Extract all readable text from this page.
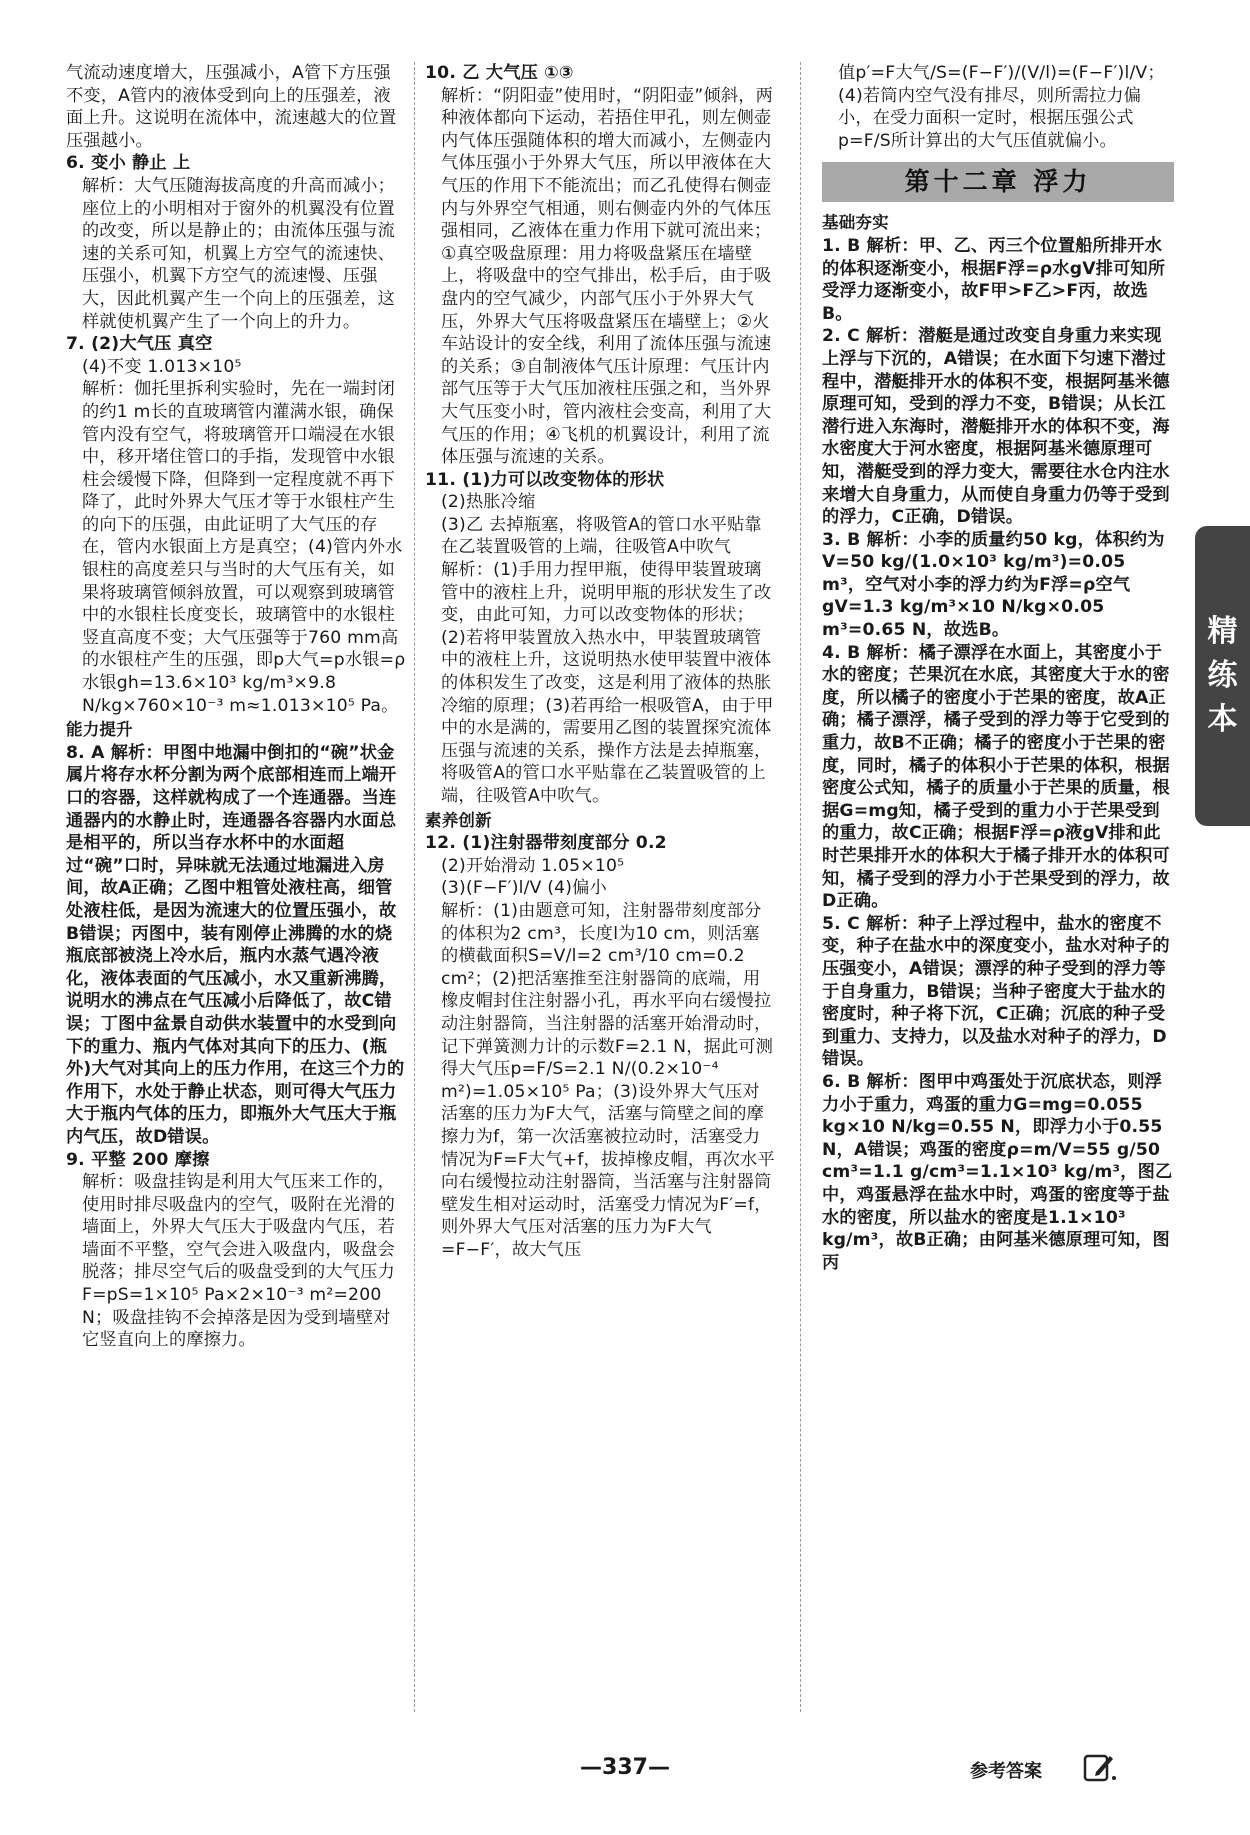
气流动速度增大，压强减小，A管下方压强不变，A管内的液体受到向上的压强差，液面上升。这说明在流体中，流速越大的位置压强越小。

6. 变小 静止 上

解析：大气压随海拔高度的升高而减小；座位上的小明相对于窗外的机翼没有位置的改变，所以是静止的；由流体压强与流速的关系可知，机翼上方空气的流速快、压强小，机翼下方空气的流速慢、压强大，因此机翼产生一个向上的压强差，这样就使机翼产生了一个向上的升力。

7. (2)大气压 真空

(4)不变 1.013×10⁵

解析：伽托里拆利实验时，先在一端封闭的约1 m长的直玻璃管内灌满水银，确保管内没有空气，将玻璃管开口端浸在水银中，移开堵住管口的手指，发现管中水银柱会缓慢下降，但降到一定程度就不再下降了，此时外界大气压才等于水银柱产生的向下的压强，由此证明了大气压的存在，管内水银面上方是真空；(4)管内外水银柱的高度差只与当时的大气压有关，如果将玻璃管倾斜放置，可以观察到玻璃管中的水银柱长度变长，玻璃管中的水银柱竖直高度不变；大气压强等于760 mm高的水银柱产生的压强，即p大气=p水银=ρ水银gh=13.6×10³ kg/m³×9.8 N/kg×760×10⁻³ m≈1.013×10⁵ Pa。

能力提升

8. A 解析：甲图中地漏中倒扣的“碗”状金属片将存水杯分割为两个底部相连而上端开口的容器，这样就构成了一个连通器。当连通器内的水静止时，连通器各容器内水面总是相平的，所以当存水杯中的水面超过“碗”口时，异味就无法通过地漏进入房间，故A正确；乙图中粗管处液柱高，细管处液柱低，是因为流速大的位置压强小，故B错误；丙图中，装有刚停止沸腾的水的烧瓶底部被浇上冷水后，瓶内水蒸气遇冷液化，液体表面的气压减小，水又重新沸腾，说明水的沸点在气压减小后降低了，故C错误；丁图中盆景自动供水装置中的水受到向下的重力、瓶内气体对其向下的压力、(瓶外)大气对其向上的压力作用，在这三个力的作用下，水处于静止状态，则可得大气压力大于瓶内气体的压力，即瓶外大气压大于瓶内气压，故D错误。

9. 平整 200 摩擦

解析：吸盘挂钩是利用大气压来工作的，使用时排尽吸盘内的空气，吸附在光滑的墙面上，外界大气压大于吸盘内气压，若墙面不平整，空气会进入吸盘内，吸盘会脱落；排尽空气后的吸盘受到的大气压力F=pS=1×10⁵ Pa×2×10⁻³ m²=200 N；吸盘挂钩不会掉落是因为受到墙壁对它竖直向上的摩擦力。

10. 乙 大气压 ①③

解析：“阴阳壶”使用时，“阴阳壶”倾斜，两种液体都向下运动，若捂住甲孔，则左侧壶内气体压强随体积的增大而减小，左侧壶内气体压强小于外界大气压，所以甲液体在大气压的作用下不能流出；而乙孔使得右侧壶内与外界空气相通，则右侧壶内外的气体压强相同，乙液体在重力作用下就可流出来；①真空吸盘原理：用力将吸盘紧压在墙壁上，将吸盘中的空气排出，松手后，由于吸盘内的空气减少，内部气压小于外界大气压，外界大气压将吸盘紧压在墙壁上；②火车站设计的安全线，利用了流体压强与流速的关系；③自制液体气压计原理：气压计内部气压等于大气压加液柱压强之和，当外界大气压变小时，管内液柱会变高，利用了大气压的作用；④飞机的机翼设计，利用了流体压强与流速的关系。

11. (1)力可以改变物体的形状

(2)热胀冷缩

(3)乙 去掉瓶塞，将吸管A的管口水平贴靠在乙装置吸管的上端，往吸管A中吹气

解析：(1)手用力捏甲瓶，使得甲装置玻璃管中的液柱上升，说明甲瓶的形状发生了改变，由此可知，力可以改变物体的形状；(2)若将甲装置放入热水中，甲装置玻璃管中的液柱上升，这说明热水使甲装置中液体的体积发生了改变，这是利用了液体的热胀冷缩的原理；(3)若再给一根吸管A，由于甲中的水是满的，需要用乙图的装置探究流体压强与流速的关系，操作方法是去掉瓶塞，将吸管A的管口水平贴靠在乙装置吸管的上端，往吸管A中吹气。

素养创新

12. (1)注射器带刻度部分 0.2

(2)开始滑动 1.05×10⁵

(3)(F−F′)l/V (4)偏小

解析：(1)由题意可知，注射器带刻度部分的体积为2 cm³，长度l为10 cm，则活塞的横截面积S=V/l=2 cm³/10 cm=0.2 cm²；(2)把活塞推至注射器筒的底端，用橡皮帽封住注射器小孔，再水平向右缓慢拉动注射器筒，当注射器的活塞开始滑动时，记下弹簧测力计的示数F=2.1 N，据此可测得大气压p=F/S=2.1 N/(0.2×10⁻⁴ m²)=1.05×10⁵ Pa；(3)设外界大气压对活塞的压力为F大气，活塞与筒壁之间的摩擦力为f，第一次活塞被拉动时，活塞受力情况为F=F大气+f，拔掉橡皮帽，再次水平向右缓慢拉动注射器筒，当活塞与注射器筒壁发生相对运动时，活塞受力情况为F′=f，则外界大气压对活塞的压力为F大气=F−F′，故大气压

值p′=F大气/S=(F−F′)/(V/l)=(F−F′)l/V；

(4)若筒内空气没有排尽，则所需拉力偏小，在受力面积一定时，根据压强公式p=F/S所计算出的大气压值就偏小。

第十二章 浮力

基础夯实

1. B 解析：甲、乙、丙三个位置船所排开水的体积逐渐变小，根据F浮=ρ水gV排可知所受浮力逐渐变小，故F甲>F乙>F丙，故选B。

2. C 解析：潜艇是通过改变自身重力来实现上浮与下沉的，A错误；在水面下匀速下潜过程中，潜艇排开水的体积不变，根据阿基米德原理可知，受到的浮力不变，B错误；从长江潜行进入东海时，潜艇排开水的体积不变，海水密度大于河水密度，根据阿基米德原理可知，潜艇受到的浮力变大，需要往水仓内注水来增大自身重力，从而使自身重力仍等于受到的浮力，C正确，D错误。

3. B 解析：小李的质量约50 kg，体积约为V=50 kg/(1.0×10³ kg/m³)=0.05 m³，空气对小李的浮力约为F浮=ρ空气gV=1.3 kg/m³×10 N/kg×0.05 m³=0.65 N，故选B。

4. B 解析：橘子漂浮在水面上，其密度小于水的密度；芒果沉在水底，其密度大于水的密度，所以橘子的密度小于芒果的密度，故A正确；橘子漂浮，橘子受到的浮力等于它受到的重力，故B不正确；橘子的密度小于芒果的密度，同时，橘子的体积小于芒果的体积，根据密度公式知，橘子的质量小于芒果的质量，根据G=mg知，橘子受到的重力小于芒果受到的重力，故C正确；根据F浮=ρ液gV排和此时芒果排开水的体积大于橘子排开水的体积可知，橘子受到的浮力小于芒果受到的浮力，故D正确。

5. C 解析：种子上浮过程中，盐水的密度不变，种子在盐水中的深度变小，盐水对种子的压强变小，A错误；漂浮的种子受到的浮力等于自身重力，B错误；当种子密度大于盐水的密度时，种子将下沉，C正确；沉底的种子受到重力、支持力，以及盐水对种子的浮力，D错误。

6. B 解析：图甲中鸡蛋处于沉底状态，则浮力小于重力，鸡蛋的重力G=mg=0.055 kg×10 N/kg=0.55 N，即浮力小于0.55 N，A错误；鸡蛋的密度ρ=m/V=55 g/50 cm³=1.1 g/cm³=1.1×10³ kg/m³，图乙中，鸡蛋悬浮在盐水中时，鸡蛋的密度等于盐水的密度，所以盐水的密度是1.1×10³ kg/m³，故B正确；由阿基米德原理可知，图丙

精
练
本
—337—	参考答案
